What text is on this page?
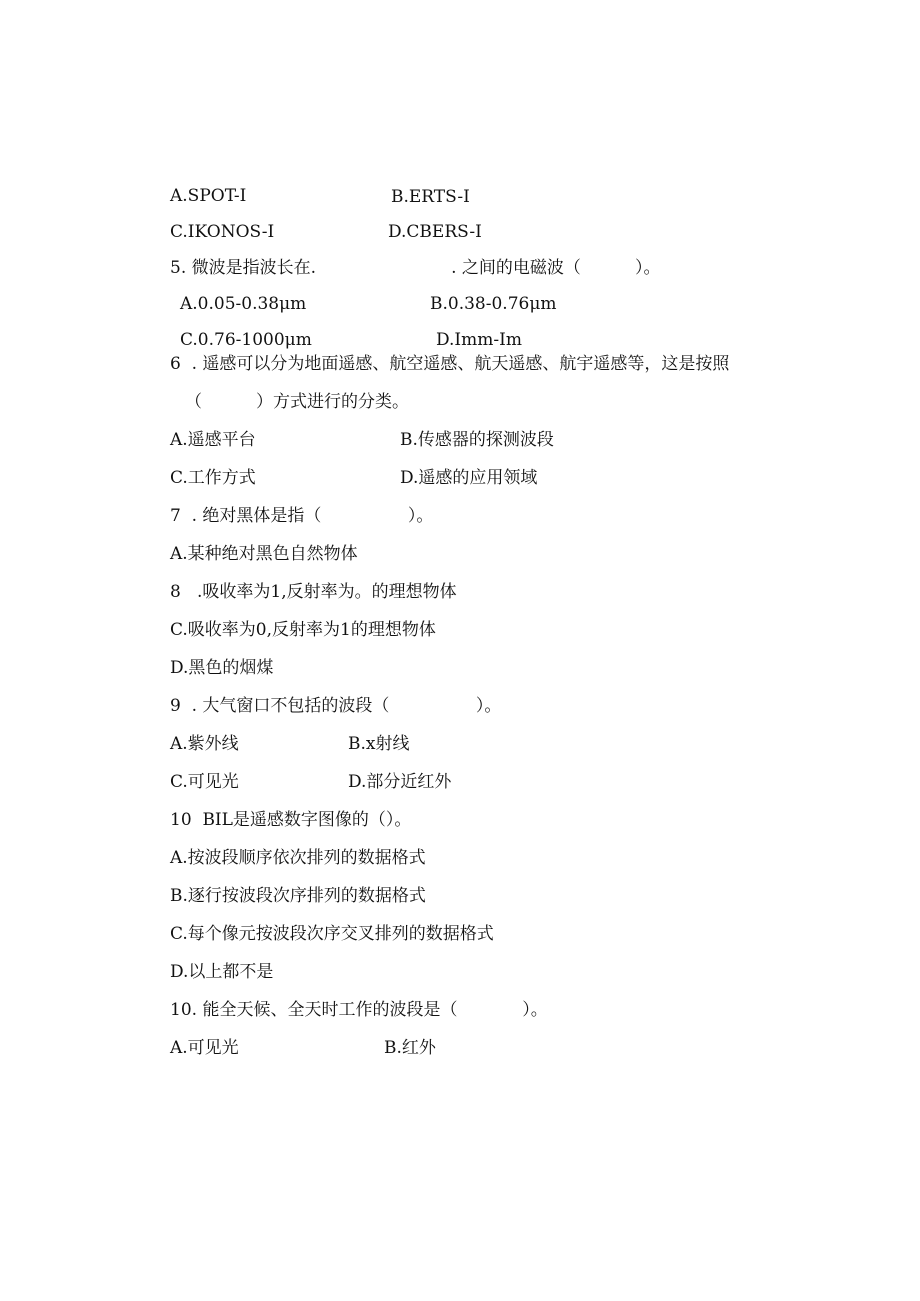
A.SPOT-I	B.ERTS-I

C.IKONOS-I	D.CBERS-I

5. 微波是指波长在.                         . 之间的电磁波（          ）。

A.0.05-0.38μm	B.0.38-0.76μm

C.0.76-1000μm	D.Imm-Im

6  . 遥感可以分为地面遥感、航空遥感、航天遥感、航宇遥感等，这是按照

（          ）方式进行的分类。

A.遥感平台	B.传感器的探测波段

C.工作方式	D.遥感的应用领域

7  . 绝对黑体是指（                ）。

A.某种绝对黑色自然物体

8   .吸收率为1,反射率为。的理想物体

C.吸收率为0,反射率为1的理想物体

D.黑色的烟煤

9  . 大气窗口不包括的波段（                ）。

A.紫外线	B.x射线

C.可见光	D.部分近红外

10  BIL是遥感数字图像的（）。

A.按波段顺序依次排列的数据格式

B.逐行按波段次序排列的数据格式

C.每个像元按波段次序交叉排列的数据格式

D.以上都不是

10. 能全天候、全天时工作的波段是（            ）。

A.可见光	B.红外
